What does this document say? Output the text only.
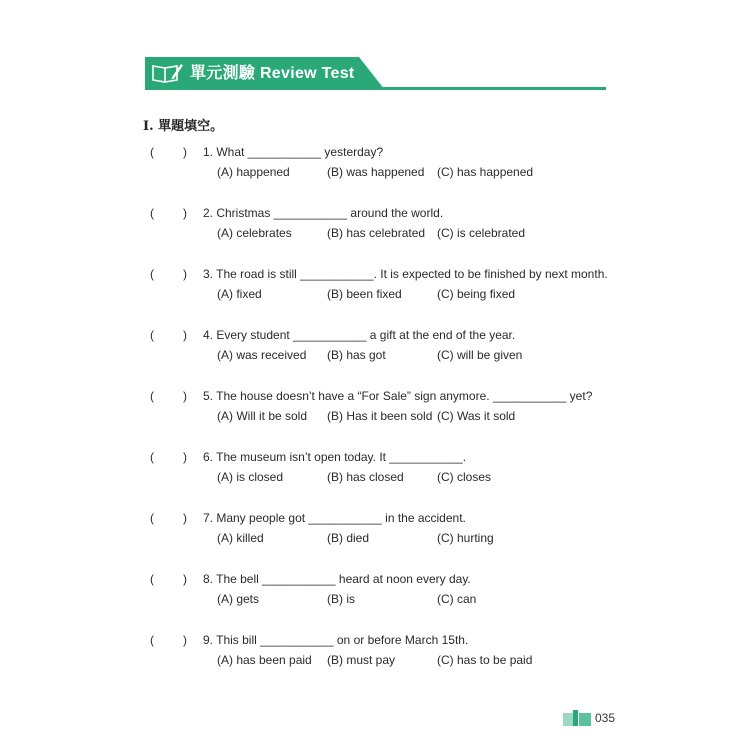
單元測驗 Review Test
I. 單題填空。
( ) 1. What ___________ yesterday?
(A) happened	(B) was happened (C) has happened
( ) 2. Christmas ___________ around the world.
(A) celebrates	(B) has celebrated (C) is celebrated
( ) 3. The road is still ___________. It is expected to be finished by next month.
(A) fixed	(B) been fixed	(C) being fixed
( ) 4. Every student ___________ a gift at the end of the year.
(A) was received (B) has got	(C) will be given
( ) 5. The house doesn’t have a “For Sale” sign anymore. ___________ yet?
(A) Will it be sold (B) Has it been sold (C) Was it sold
( ) 6. The museum isn’t open today. It ___________.
(A) is closed	(B) has closed	(C) closes
( ) 7. Many people got ___________ in the accident.
(A) killed	(B) died	(C) hurting
( ) 8. The bell ___________ heard at noon every day.
(A) gets	(B) is	(C) can
( ) 9. This bill ___________ on or before March 15th.
(A) has been paid (B) must pay	(C) has to be paid
035
